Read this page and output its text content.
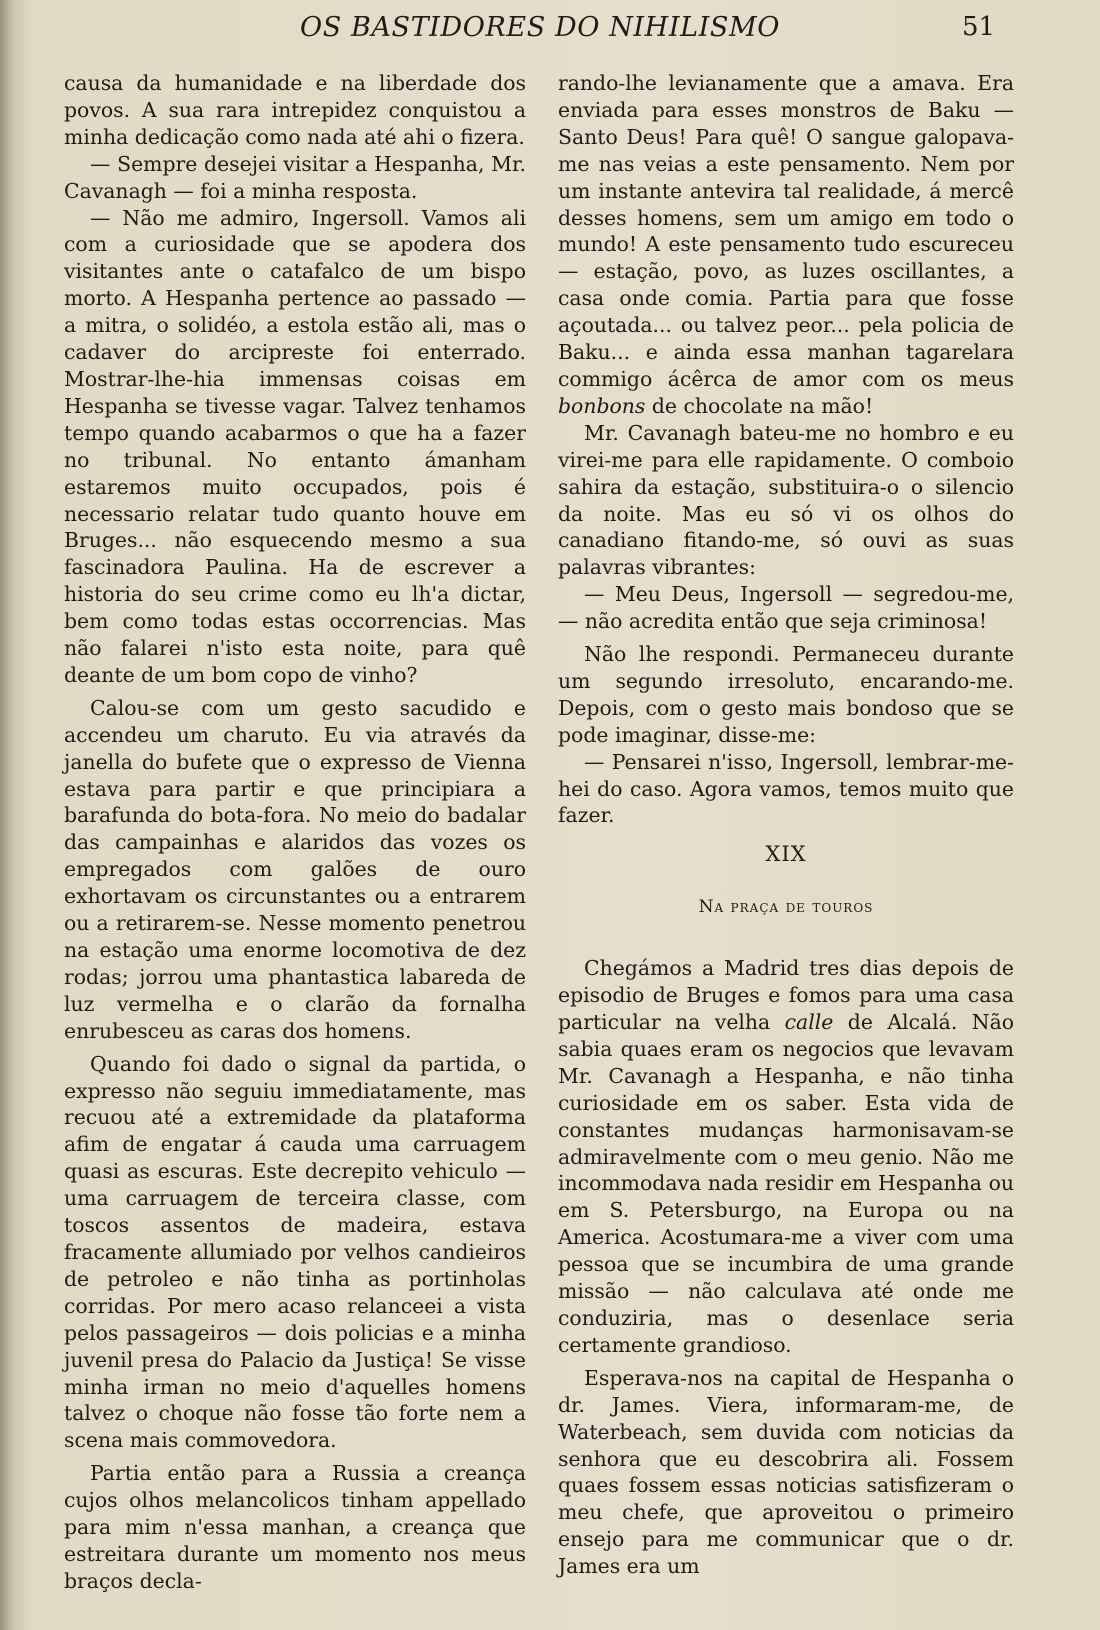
OS BASTIDORES DO NIHILISMO	51

causa da humanidade e na liberdade dos povos. A sua rara intrepidez conquistou a minha dedicação como nada até ahi o fizera.

— Sempre desejei visitar a Hespanha, Mr. Cavanagh — foi a minha resposta.

— Não me admiro, Ingersoll. Vamos ali com a curiosidade que se apodera dos visitantes ante o catafalco de um bispo morto. A Hespanha pertence ao passado — a mitra, o solidéo, a estola estão ali, mas o cadaver do arcipreste foi enterrado. Mostrar-lhe-hia immensas coisas em Hespanha se tivesse vagar. Talvez tenhamos tempo quando acabarmos o que ha a fazer no tribunal. No entanto ámanham estaremos muito occupados, pois é necessario relatar tudo quanto houve em Bruges... não esquecendo mesmo a sua fascinadora Paulina. Ha de escrever a historia do seu crime como eu lh'a dictar, bem como todas estas occorrencias. Mas não falarei n'isto esta noite, para quê deante de um bom copo de vinho?

Calou-se com um gesto sacudido e accendeu um charuto. Eu via através da janella do bufete que o expresso de Vienna estava para partir e que principiara a barafunda do bota-fora. No meio do badalar das campainhas e alaridos das vozes os empregados com galões de ouro exhortavam os circunstantes ou a entrarem ou a retirarem-se. Nesse momento penetrou na estação uma enorme locomotiva de dez rodas; jorrou uma phantastica labareda de luz vermelha e o clarão da fornalha enrubesceu as caras dos homens.

Quando foi dado o signal da partida, o expresso não seguiu immediatamente, mas recuou até a extremidade da plataforma afim de engatar á cauda uma carruagem quasi as escuras. Este decrepito vehiculo — uma carruagem de terceira classe, com toscos assentos de madeira, estava fracamente allumiado por velhos candieiros de petroleo e não tinha as portinholas corridas. Por mero acaso relanceei a vista pelos passageiros — dois policias e a minha juvenil presa do Palacio da Justiça! Se visse minha irman no meio d'aquelles homens talvez o choque não fosse tão forte nem a scena mais commovedora.

Partia então para a Russia a creança cujos olhos melancolicos tinham appellado para mim n'essa manhan, a creança que estreitara durante um momento nos meus braços decla-

rando-lhe levianamente que a amava. Era enviada para esses monstros de Baku — Santo Deus! Para quê! O sangue galopava-me nas veias a este pensamento. Nem por um instante antevira tal realidade, á mercê desses homens, sem um amigo em todo o mundo! A este pensamento tudo escureceu — estação, povo, as luzes oscillantes, a casa onde comia. Partia para que fosse açoutada... ou talvez peor... pela policia de Baku... e ainda essa manhan tagarelara commigo ácêrca de amor com os meus bonbons de chocolate na mão!

Mr. Cavanagh bateu-me no hombro e eu virei-me para elle rapidamente. O comboio sahira da estação, substituira-o o silencio da noite. Mas eu só vi os olhos do canadiano fitando-me, só ouvi as suas palavras vibrantes:

— Meu Deus, Ingersoll — segredou-me, — não acredita então que seja criminosa!

Não lhe respondi. Permaneceu durante um segundo irresoluto, encarando-me. Depois, com o gesto mais bondoso que se pode imaginar, disse-me:

— Pensarei n'isso, Ingersoll, lembrar-me-hei do caso. Agora vamos, temos muito que fazer.

XIX

Na praça de touros

Chegámos a Madrid tres dias depois de episodio de Bruges e fomos para uma casa particular na velha calle de Alcalá. Não sabia quaes eram os negocios que levavam Mr. Cavanagh a Hespanha, e não tinha curiosidade em os saber. Esta vida de constantes mudanças harmonisavam-se admiravelmente com o meu genio. Não me incommodava nada residir em Hespanha ou em S. Petersburgo, na Europa ou na America. Acostumara-me a viver com uma pessoa que se incumbira de uma grande missão — não calculava até onde me conduziria, mas o desenlace seria certamente grandioso.

Esperava-nos na capital de Hespanha o dr. James. Viera, informaram-me, de Waterbeach, sem duvida com noticias da senhora que eu descobrira ali. Fossem quaes fossem essas noticias satisfizeram o meu chefe, que aproveitou o primeiro ensejo para me communicar que o dr. James era um
